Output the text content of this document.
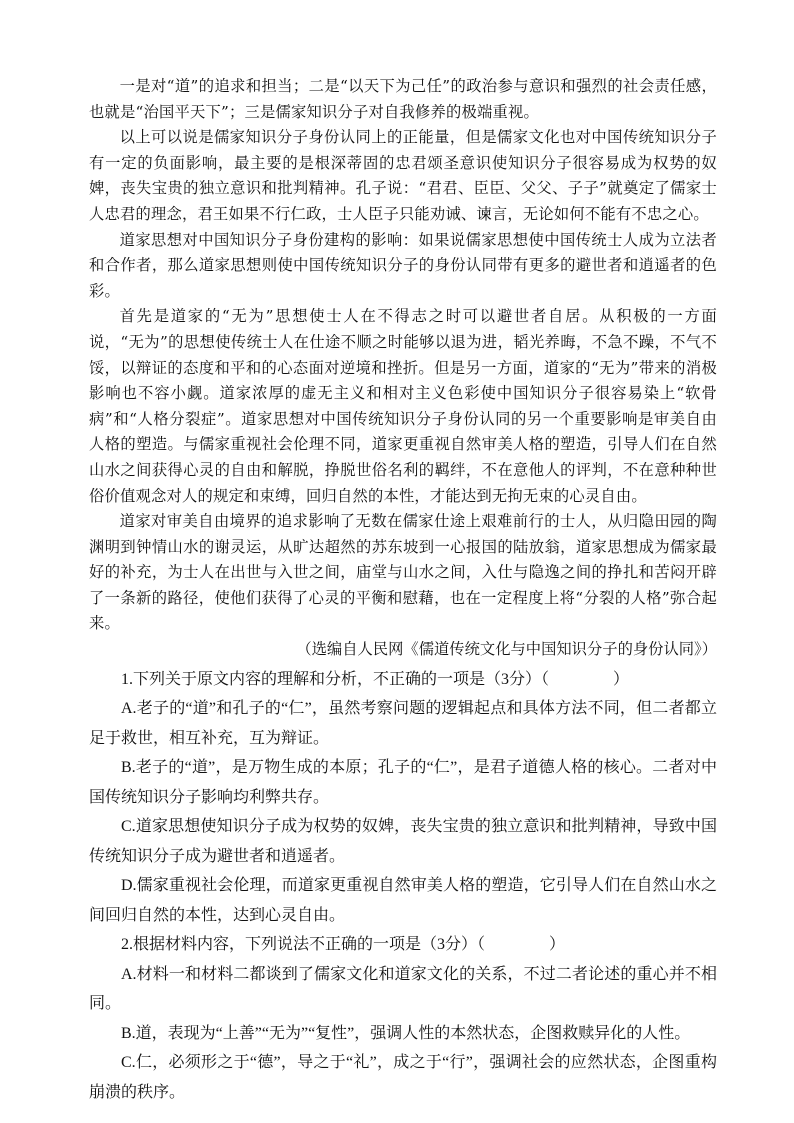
一是对“道”的追求和担当；二是“以天下为己任”的政治参与意识和强烈的社会责任感，也就是“治国平天下”；三是儒家知识分子对自我修养的极端重视。

以上可以说是儒家知识分子身份认同上的正能量，但是儒家文化也对中国传统知识分子有一定的负面影响，最主要的是根深蒂固的忠君颂圣意识使知识分子很容易成为权势的奴婢，丧失宝贵的独立意识和批判精神。孔子说：“君君、臣臣、父父、子子”就奠定了儒家士人忠君的理念，君王如果不行仁政，士人臣子只能劝诫、谏言，无论如何不能有不忠之心。

道家思想对中国知识分子身份建构的影响：如果说儒家思想使中国传统士人成为立法者和合作者，那么道家思想则使中国传统知识分子的身份认同带有更多的避世者和逍遥者的色彩。

首先是道家的“无为”思想使士人在不得志之时可以避世者自居。从积极的一方面说，“无为”的思想使传统士人在仕途不顺之时能够以退为进，韬光养晦，不急不躁，不气不馁，以辩证的态度和平和的心态面对逆境和挫折。但是另一方面，道家的“无为”带来的消极影响也不容小觑。道家浓厚的虚无主义和相对主义色彩使中国知识分子很容易染上“软骨病”和“人格分裂症”。道家思想对中国传统知识分子身份认同的另一个重要影响是审美自由人格的塑造。与儒家重视社会伦理不同，道家更重视自然审美人格的塑造，引导人们在自然山水之间获得心灵的自由和解脱，挣脱世俗名利的羁绊，不在意他人的评判，不在意种种世俗价值观念对人的规定和束缚，回归自然的本性，才能达到无拘无束的心灵自由。

道家对审美自由境界的追求影响了无数在儒家仕途上艰难前行的士人，从归隐田园的陶渊明到钟情山水的谢灵运，从旷达超然的苏东坡到一心报国的陆放翁，道家思想成为儒家最好的补充，为士人在出世与入世之间，庙堂与山水之间，入仕与隐逸之间的挣扎和苦闷开辟了一条新的路径，使他们获得了心灵的平衡和慰藉，也在一定程度上将“分裂的人格”弥合起来。

（选编自人民网《儒道传统文化与中国知识分子的身份认同》）

1.下列关于原文内容的理解和分析，不正确的一项是（3分）（　　　　）

A.老子的“道”和孔子的“仁”，虽然考察问题的逻辑起点和具体方法不同，但二者都立足于救世，相互补充，互为辩证。

B.老子的“道”，是万物生成的本原；孔子的“仁”，是君子道德人格的核心。二者对中国传统知识分子影响均利弊共存。

C.道家思想使知识分子成为权势的奴婢，丧失宝贵的独立意识和批判精神，导致中国传统知识分子成为避世者和逍遥者。

D.儒家重视社会伦理，而道家更重视自然审美人格的塑造，它引导人们在自然山水之间回归自然的本性，达到心灵自由。

2.根据材料内容，下列说法不正确的一项是（3分）（　　　　）

A.材料一和材料二都谈到了儒家文化和道家文化的关系，不过二者论述的重心并不相同。

B.道，表现为“上善”“无为”“复性”，强调人性的本然状态，企图救赎异化的人性。

C.仁，必须形之于“德”，导之于“礼”，成之于“行”，强调社会的应然状态，企图重构崩溃的秩序。
